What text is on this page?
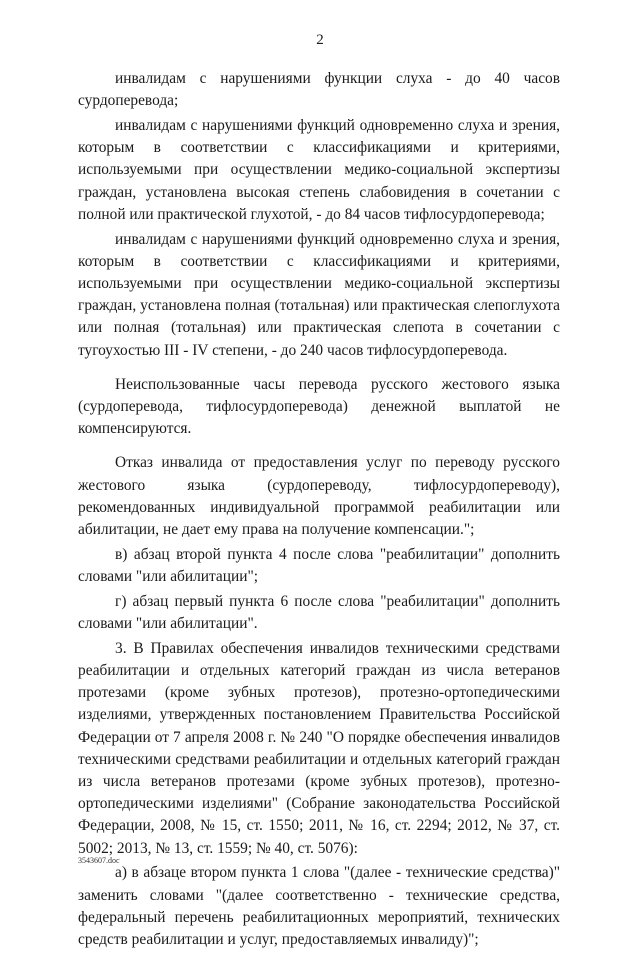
2

инвалидам с нарушениями функции слуха - до 40 часов сурдоперевода;

инвалидам с нарушениями функций одновременно слуха и зрения, которым в соответствии с классификациями и критериями, используемыми при осуществлении медико-социальной экспертизы граждан, установлена высокая степень слабовидения в сочетании с полной или практической глухотой, - до 84 часов тифлосурдоперевода;

инвалидам с нарушениями функций одновременно слуха и зрения, которым в соответствии с классификациями и критериями, используемыми при осуществлении медико-социальной экспертизы граждан, установлена полная (тотальная) или практическая слепоглухота или полная (тотальная) или практическая слепота в сочетании с тугоухостью III - IV степени, - до 240 часов тифлосурдоперевода.

Неиспользованные часы перевода русского жестового языка (сурдоперевода, тифлосурдоперевода) денежной выплатой не компенсируются.

Отказ инвалида от предоставления услуг по переводу русского жестового языка (сурдопереводу, тифлосурдопереводу), рекомендованных индивидуальной программой реабилитации или абилитации, не дает ему права на получение компенсации.";

в) абзац второй пункта 4 после слова "реабилитации" дополнить словами "или абилитации";

г) абзац первый пункта 6 после слова "реабилитации" дополнить словами "или абилитации".

3. В Правилах обеспечения инвалидов техническими средствами реабилитации и отдельных категорий граждан из числа ветеранов протезами (кроме зубных протезов), протезно-ортопедическими изделиями, утвержденных постановлением Правительства Российской Федерации от 7 апреля 2008 г. № 240 "О порядке обеспечения инвалидов техническими средствами реабилитации и отдельных категорий граждан из числа ветеранов протезами (кроме зубных протезов), протезно-ортопедическими изделиями" (Собрание законодательства Российской Федерации, 2008, № 15, ст. 1550; 2011, № 16, ст. 2294; 2012, № 37, ст. 5002; 2013, № 13, ст. 1559; № 40, ст. 5076):

а) в абзаце втором пункта 1 слова "(далее - технические средства)" заменить словами "(далее соответственно - технические средства, федеральный перечень реабилитационных мероприятий, технических средств реабилитации и услуг, предоставляемых инвалиду)";

3543607.doc
